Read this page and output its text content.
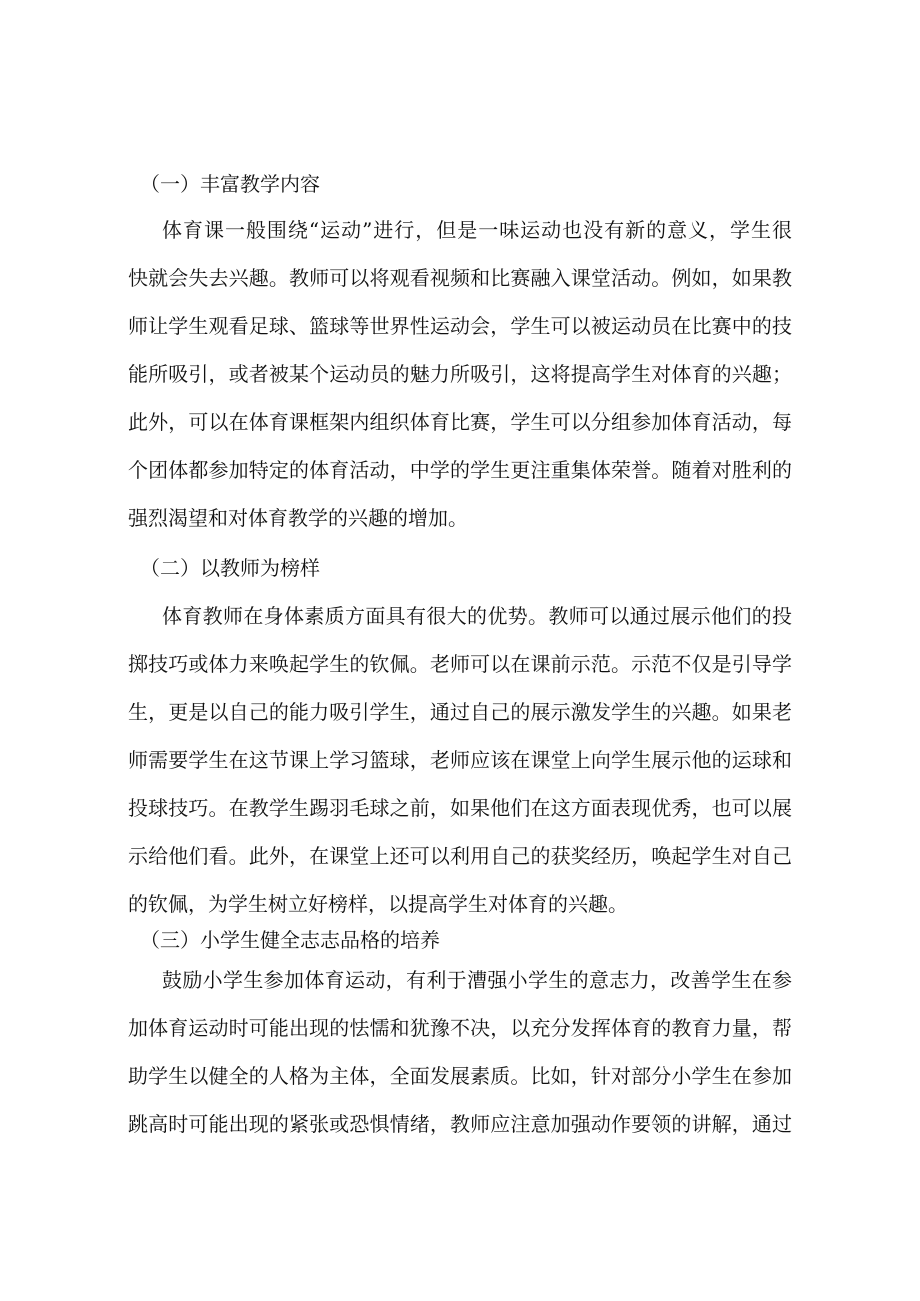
（一）丰富教学内容
体育课一般围绕“运动”进行，但是一味运动也没有新的意义，学生很
快就会失去兴趣。教师可以将观看视频和比赛融入课堂活动。例如，如果教
师让学生观看足球、篮球等世界性运动会，学生可以被运动员在比赛中的技
能所吸引，或者被某个运动员的魅力所吸引，这将提高学生对体育的兴趣；
此外，可以在体育课框架内组织体育比赛，学生可以分组参加体育活动，每
个团体都参加特定的体育活动，中学的学生更注重集体荣誉。随着对胜利的
强烈渴望和对体育教学的兴趣的增加。
（二）以教师为榜样
体育教师在身体素质方面具有很大的优势。教师可以通过展示他们的投
掷技巧或体力来唤起学生的钦佩。老师可以在课前示范。示范不仅是引导学
生，更是以自己的能力吸引学生，通过自己的展示激发学生的兴趣。如果老
师需要学生在这节课上学习篮球，老师应该在课堂上向学生展示他的运球和
投球技巧。在教学生踢羽毛球之前，如果他们在这方面表现优秀，也可以展
示给他们看。此外，在课堂上还可以利用自己的获奖经历，唤起学生对自己
的钦佩，为学生树立好榜样，以提高学生对体育的兴趣。
（三）小学生健全志志品格的培养
鼓励小学生参加体育运动，有利于漕强小学生的意志力，改善学生在参
加体育运动时可能出现的怯懦和犹豫不决，以充分发挥体育的教育力量，帮
助学生以健全的人格为主体，全面发展素质。比如，针对部分小学生在参加
跳高时可能出现的紧张或恐惧情绪，教师应注意加强动作要领的讲解，通过
